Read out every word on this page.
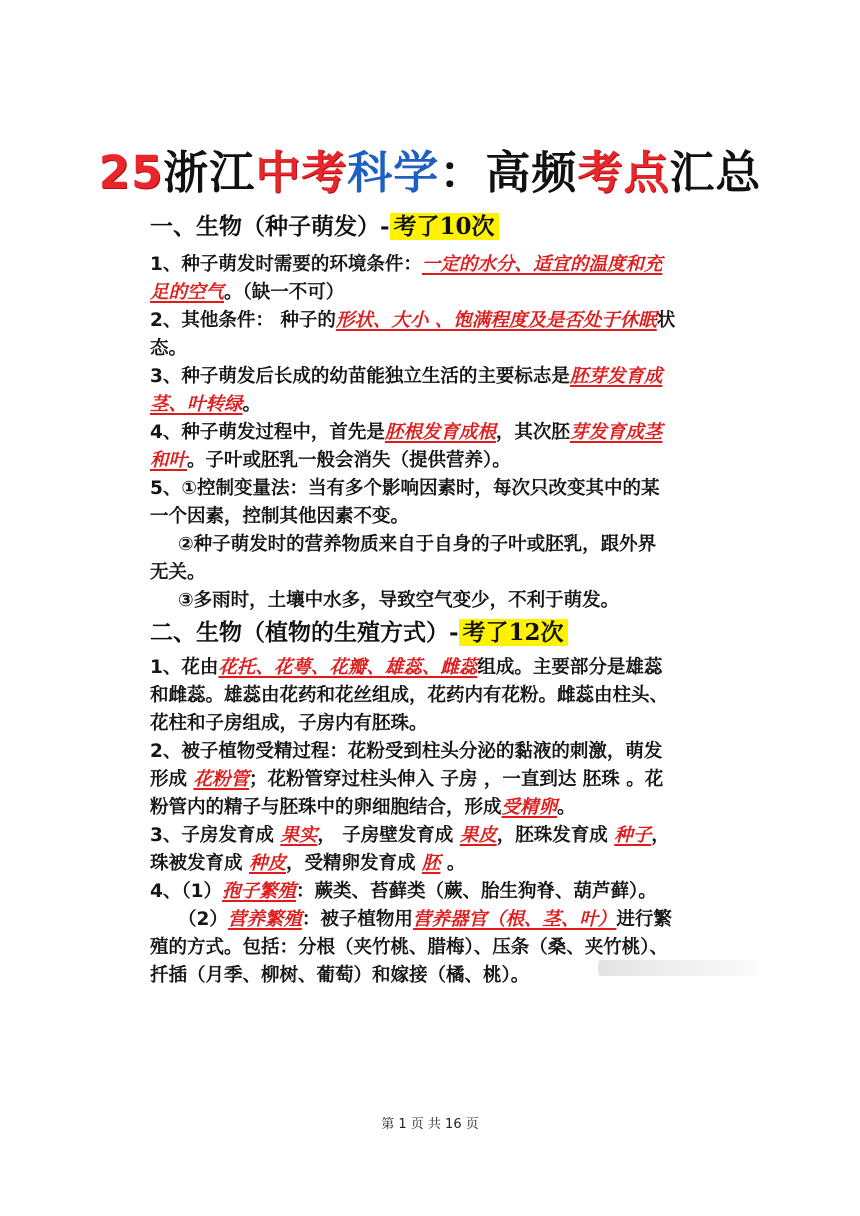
25浙江中考科学：高频考点汇总
一、生物（种子萌发）- 考了10次
1、种子萌发时需要的环境条件：一定的水分、适宜的温度和充
足的空气。（缺一不可）
2、其他条件： 种子的形状、大小 、饱满程度及是否处于休眠状
态。
3、种子萌发后长成的幼苗能独立生活的主要标志是胚芽发育成
茎、叶转绿。
4、种子萌发过程中，首先是胚根发育成根，其次胚芽发育成茎
和叶。子叶或胚乳一般会消失（提供营养）。
5、①控制变量法：当有多个影响因素时，每次只改变其中的某
一个因素，控制其他因素不变。
②种子萌发时的营养物质来自于自身的子叶或胚乳，跟外界
无关。
③多雨时，土壤中水多，导致空气变少，不利于萌发。
二、生物（植物的生殖方式）- 考了12次
1、花由花托、花萼、花瓣、雄蕊、雌蕊组成。主要部分是雄蕊
和雌蕊。雄蕊由花药和花丝组成，花药内有花粉。雌蕊由柱头、
花柱和子房组成，子房内有胚珠。
2、被子植物受精过程：花粉受到柱头分泌的黏液的刺激，萌发
形成 花粉管；花粉管穿过柱头伸入 子房 ，一直到达 胚珠 。花
粉管内的精子与胚珠中的卵细胞结合，形成受精卵。
3、子房发育成 果实， 子房壁发育成 果皮，胚珠发育成 种子，
珠被发育成 种皮，受精卵发育成 胚 。
4、（1）孢子繁殖：蕨类、苔藓类（蕨、胎生狗脊、葫芦藓）。
（2）营养繁殖：被子植物用营养器官（根、茎、叶）进行繁
殖的方式。包括：分根（夹竹桃、腊梅）、压条（桑、夹竹桃）、
扦插（月季、柳树、葡萄）和嫁接（橘、桃）。
第 1 页 共 16 页
